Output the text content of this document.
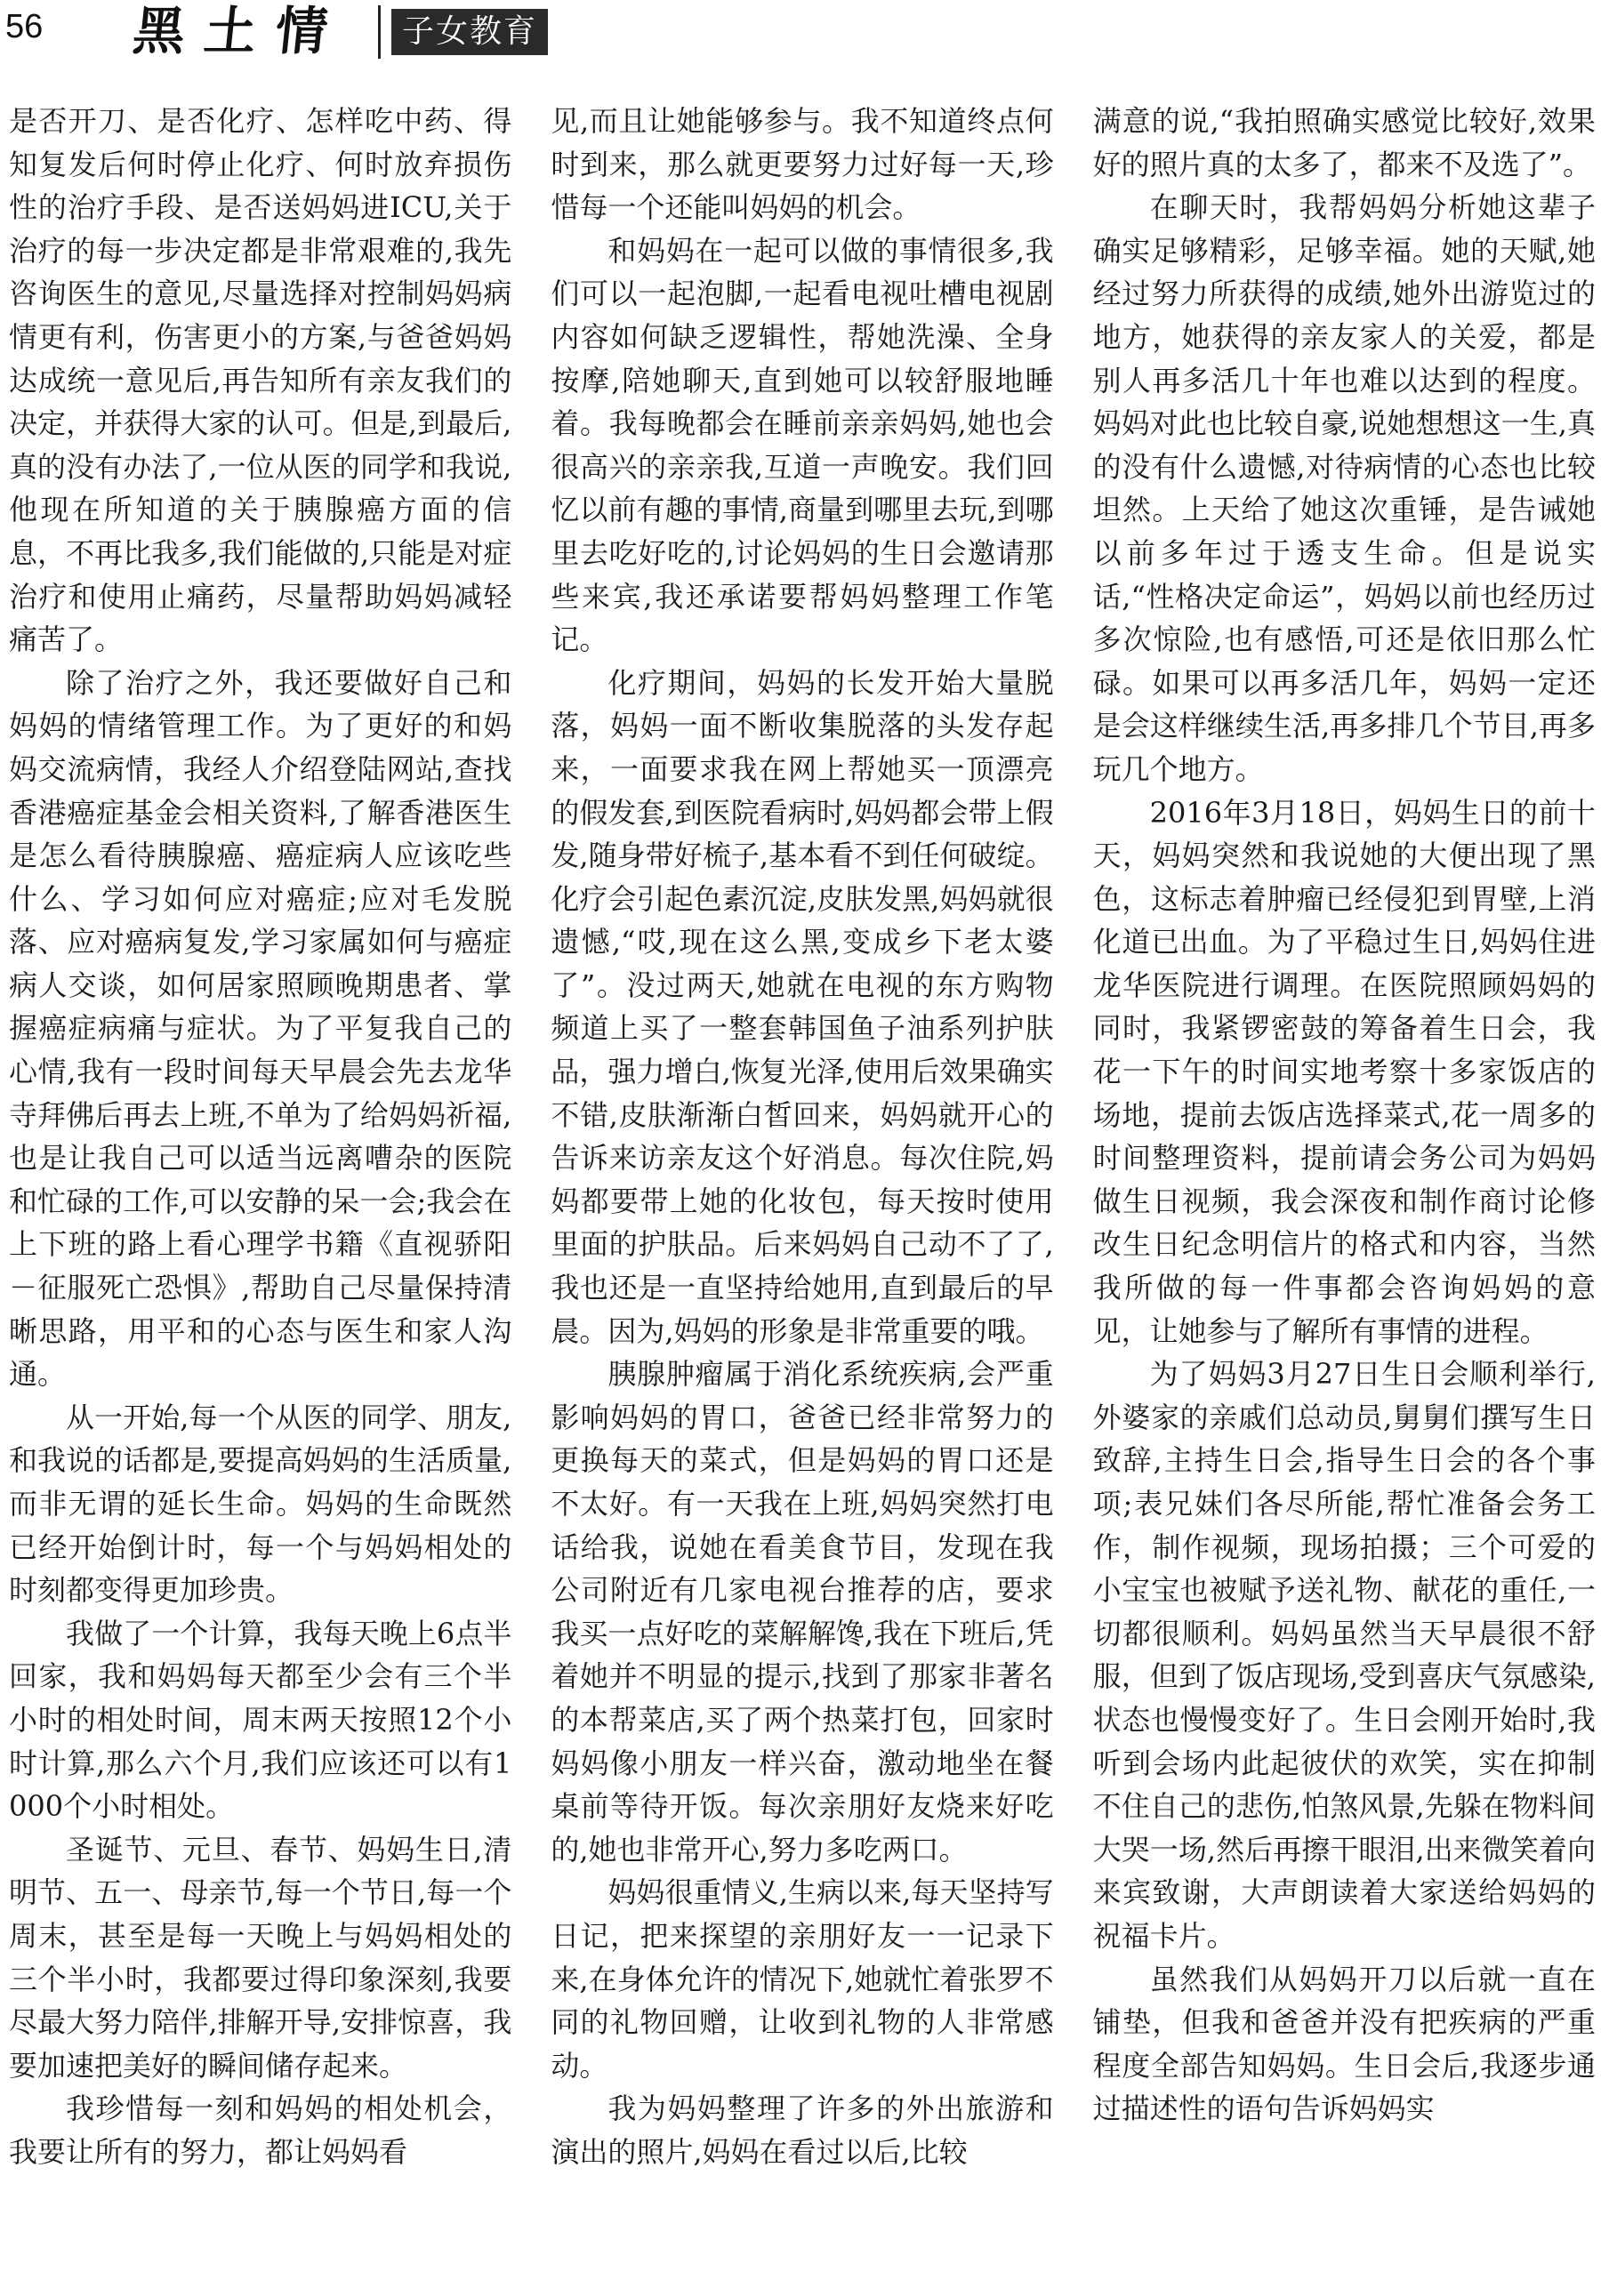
56 黑土情	子女教育

是否开刀、是否化疗、怎样吃中药、得知复发后何时停止化疗、何时放弃损伤性的治疗手段、是否送妈妈进ICU,关于治疗的每一步决定都是非常艰难的,我先咨询医生的意见,尽量选择对控制妈妈病情更有利，伤害更小的方案,与爸爸妈妈达成统一意见后,再告知所有亲友我们的决定，并获得大家的认可。但是,到最后,真的没有办法了,一位从医的同学和我说,他现在所知道的关于胰腺癌方面的信息，不再比我多,我们能做的,只能是对症治疗和使用止痛药，尽量帮助妈妈减轻痛苦了。

除了治疗之外，我还要做好自己和妈妈的情绪管理工作。为了更好的和妈妈交流病情，我经人介绍登陆网站,查找香港癌症基金会相关资料,了解香港医生是怎么看待胰腺癌、癌症病人应该吃些什么、学习如何应对癌症;应对毛发脱落、应对癌病复发,学习家属如何与癌症病人交谈，如何居家照顾晚期患者、掌握癌症病痛与症状。为了平复我自己的心情,我有一段时间每天早晨会先去龙华寺拜佛后再去上班,不单为了给妈妈祈福,也是让我自己可以适当远离嘈杂的医院和忙碌的工作,可以安静的呆一会;我会在上下班的路上看心理学书籍《直视骄阳－征服死亡恐惧》,帮助自己尽量保持清晰思路，用平和的心态与医生和家人沟通。

从一开始,每一个从医的同学、朋友,和我说的话都是,要提高妈妈的生活质量,而非无谓的延长生命。妈妈的生命既然已经开始倒计时，每一个与妈妈相处的时刻都变得更加珍贵。

我做了一个计算，我每天晚上6点半回家，我和妈妈每天都至少会有三个半小时的相处时间，周末两天按照12个小时计算,那么六个月,我们应该还可以有1000个小时相处。

圣诞节、元旦、春节、妈妈生日,清明节、五一、母亲节,每一个节日,每一个周末，甚至是每一天晚上与妈妈相处的三个半小时，我都要过得印象深刻,我要尽最大努力陪伴,排解开导,安排惊喜，我要加速把美好的瞬间储存起来。

我珍惜每一刻和妈妈的相处机会，我要让所有的努力，都让妈妈看

见,而且让她能够参与。我不知道终点何时到来，那么就更要努力过好每一天,珍惜每一个还能叫妈妈的机会。

和妈妈在一起可以做的事情很多,我们可以一起泡脚,一起看电视吐槽电视剧内容如何缺乏逻辑性，帮她洗澡、全身按摩,陪她聊天,直到她可以较舒服地睡着。我每晚都会在睡前亲亲妈妈,她也会很高兴的亲亲我,互道一声晚安。我们回忆以前有趣的事情,商量到哪里去玩,到哪里去吃好吃的,讨论妈妈的生日会邀请那些来宾,我还承诺要帮妈妈整理工作笔记。

化疗期间，妈妈的长发开始大量脱落，妈妈一面不断收集脱落的头发存起来，一面要求我在网上帮她买一顶漂亮的假发套,到医院看病时,妈妈都会带上假发,随身带好梳子,基本看不到任何破绽。化疗会引起色素沉淀,皮肤发黑,妈妈就很遗憾,“哎,现在这么黑,变成乡下老太婆了”。没过两天,她就在电视的东方购物频道上买了一整套韩国鱼子油系列护肤品，强力增白,恢复光泽,使用后效果确实不错,皮肤渐渐白皙回来，妈妈就开心的告诉来访亲友这个好消息。每次住院,妈妈都要带上她的化妆包，每天按时使用里面的护肤品。后来妈妈自己动不了了,我也还是一直坚持给她用,直到最后的早晨。因为,妈妈的形象是非常重要的哦。

胰腺肿瘤属于消化系统疾病,会严重影响妈妈的胃口，爸爸已经非常努力的更换每天的菜式，但是妈妈的胃口还是不太好。有一天我在上班,妈妈突然打电话给我，说她在看美食节目，发现在我公司附近有几家电视台推荐的店，要求我买一点好吃的菜解解馋,我在下班后,凭着她并不明显的提示,找到了那家非著名的本帮菜店,买了两个热菜打包，回家时妈妈像小朋友一样兴奋，激动地坐在餐桌前等待开饭。每次亲朋好友烧来好吃的,她也非常开心,努力多吃两口。

妈妈很重情义,生病以来,每天坚持写日记，把来探望的亲朋好友一一记录下来,在身体允许的情况下,她就忙着张罗不同的礼物回赠，让收到礼物的人非常感动。

我为妈妈整理了许多的外出旅游和演出的照片,妈妈在看过以后,比较

满意的说,“我拍照确实感觉比较好,效果好的照片真的太多了，都来不及选了”。

在聊天时，我帮妈妈分析她这辈子确实足够精彩，足够幸福。她的天赋,她经过努力所获得的成绩,她外出游览过的地方，她获得的亲友家人的关爱，都是别人再多活几十年也难以达到的程度。妈妈对此也比较自豪,说她想想这一生,真的没有什么遗憾,对待病情的心态也比较坦然。上天给了她这次重锤，是告诫她以前多年过于透支生命。但是说实话,“性格决定命运”，妈妈以前也经历过多次惊险,也有感悟,可还是依旧那么忙碌。如果可以再多活几年，妈妈一定还是会这样继续生活,再多排几个节目,再多玩几个地方。

2016年3月18日，妈妈生日的前十天，妈妈突然和我说她的大便出现了黑色，这标志着肿瘤已经侵犯到胃壁,上消化道已出血。为了平稳过生日,妈妈住进龙华医院进行调理。在医院照顾妈妈的同时，我紧锣密鼓的筹备着生日会，我花一下午的时间实地考察十多家饭店的场地，提前去饭店选择菜式,花一周多的时间整理资料，提前请会务公司为妈妈做生日视频，我会深夜和制作商讨论修改生日纪念明信片的格式和内容，当然我所做的每一件事都会咨询妈妈的意见，让她参与了解所有事情的进程。

为了妈妈3月27日生日会顺利举行,外婆家的亲戚们总动员,舅舅们撰写生日致辞,主持生日会,指导生日会的各个事项;表兄妹们各尽所能,帮忙准备会务工作，制作视频，现场拍摄；三个可爱的小宝宝也被赋予送礼物、献花的重任,一切都很顺利。妈妈虽然当天早晨很不舒服，但到了饭店现场,受到喜庆气氛感染,状态也慢慢变好了。生日会刚开始时,我听到会场内此起彼伏的欢笑，实在抑制不住自己的悲伤,怕煞风景,先躲在物料间大哭一场,然后再擦干眼泪,出来微笑着向来宾致谢，大声朗读着大家送给妈妈的祝福卡片。

虽然我们从妈妈开刀以后就一直在铺垫，但我和爸爸并没有把疾病的严重程度全部告知妈妈。生日会后,我逐步通过描述性的语句告诉妈妈实
